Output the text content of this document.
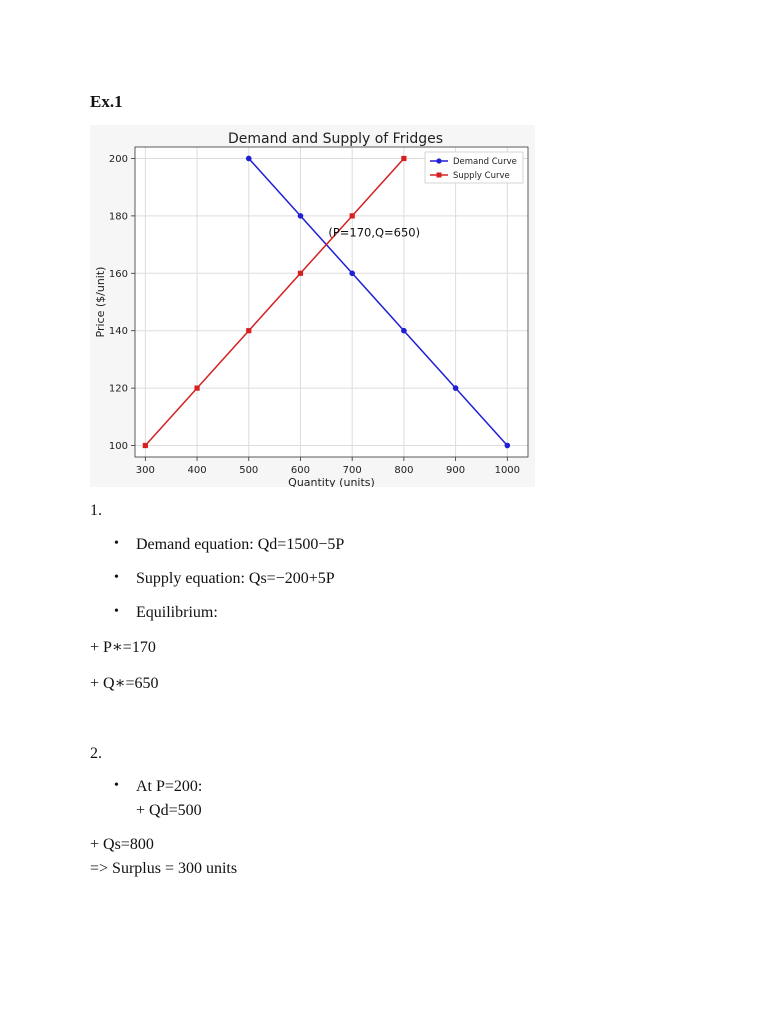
Ex.1
300	400	500	600	700	800	900	1000
100
120
140
160
180
200
Demand and Supply of Fridges
Quantity (units)
Price ($/unit)
(P=170,Q=650)
Demand Curve
Supply Curve

1.

• Demand equation: Qd=1500−5P

• Supply equation: Qs=−200+5P

• Equilibrium:

+ P∗=170

+ Q∗=650

2.

• At P=200:

+ Qd=500

+ Qs=800

=> Surplus = 300 units
